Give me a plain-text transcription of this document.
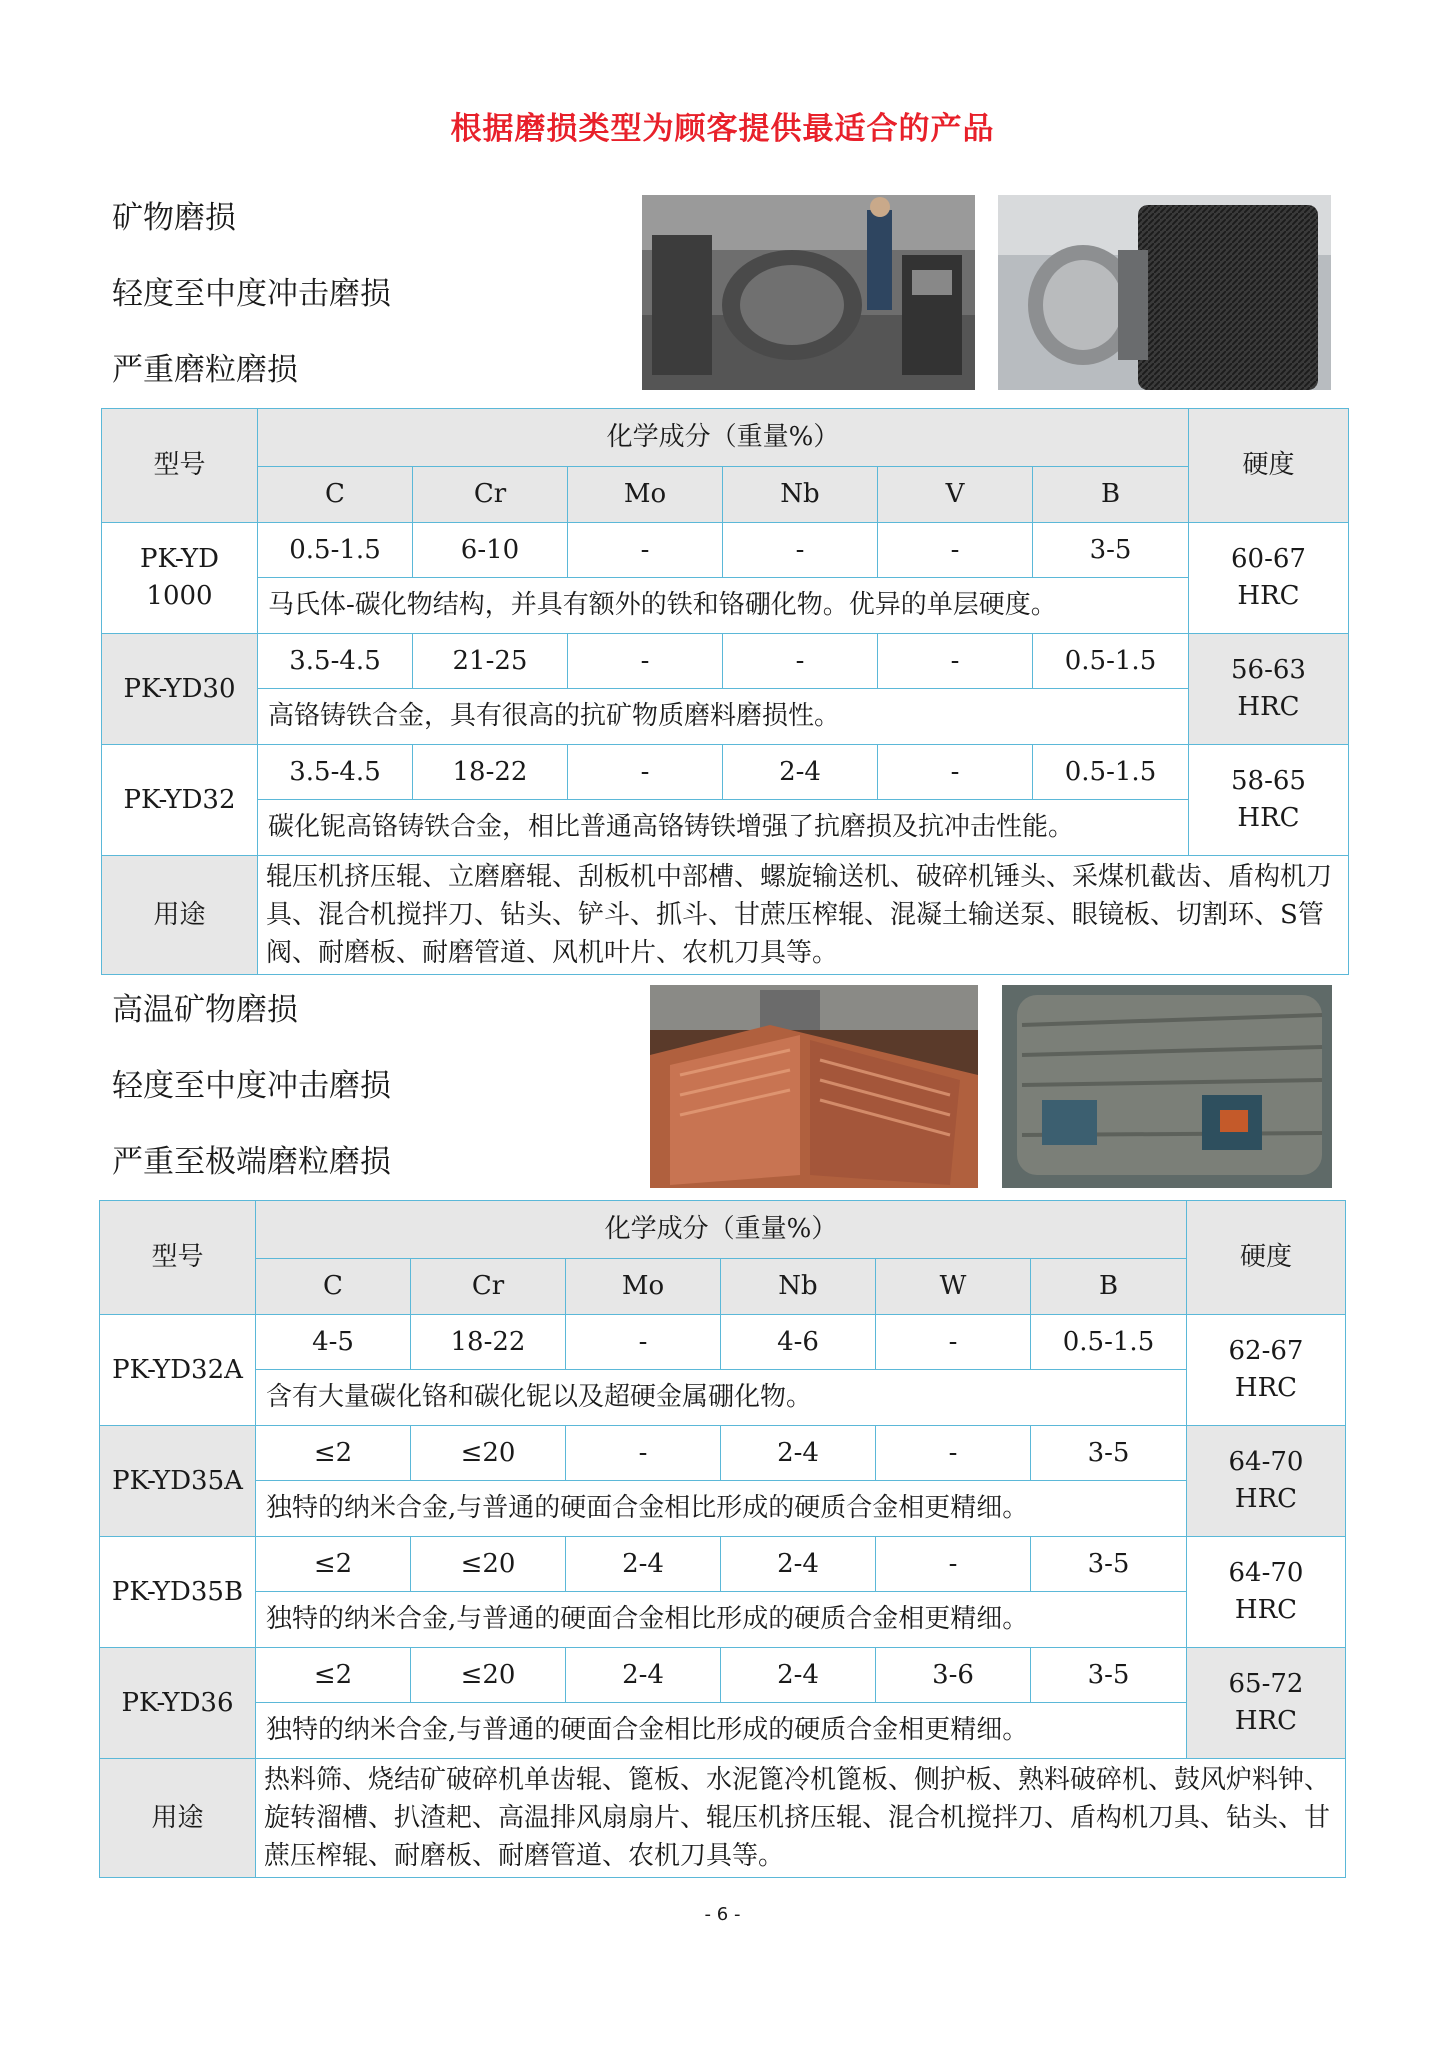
根据磨损类型为顾客提供最适合的产品
矿物磨损
轻度至中度冲击磨损
严重磨粒磨损
型号	化学成分（重量%）						硬度
	C	Cr	Mo	Nb	V	B	
PK-YD 1000	0.5-1.5	6-10	-	-	-	3-5	60-67 HRC
	马氏体-碳化物结构，并具有额外的铁和铬硼化物。优异的单层硬度。						
PK-YD30	3.5-4.5	21-25	-	-	-	0.5-1.5	56-63 HRC
	高铬铸铁合金，具有很高的抗矿物质磨料磨损性。						
PK-YD32	3.5-4.5	18-22	-	2-4	-	0.5-1.5	58-65 HRC
	碳化铌高铬铸铁合金，相比普通高铬铸铁增强了抗磨损及抗冲击性能。						
用途	辊压机挤压辊、立磨磨辊、刮板机中部槽、螺旋输送机、破碎机锤头、采煤机截齿、盾构机刀具、混合机搅拌刀、钻头、铲斗、抓斗、甘蔗压榨辊、混凝土输送泵、眼镜板、切割环、S管阀、耐磨板、耐磨管道、风机叶片、农机刀具等。						
高温矿物磨损
轻度至中度冲击磨损
严重至极端磨粒磨损
型号	化学成分（重量%）						硬度
	C	Cr	Mo	Nb	W	B	
PK-YD32A	4-5	18-22	-	4-6	-	0.5-1.5	62-67 HRC
	含有大量碳化铬和碳化铌以及超硬金属硼化物。						
PK-YD35A	≤2	≤20	-	2-4	-	3-5	64-70 HRC
	独特的纳米合金,与普通的硬面合金相比形成的硬质合金相更精细。						
PK-YD35B	≤2	≤20	2-4	2-4	-	3-5	64-70 HRC
	独特的纳米合金,与普通的硬面合金相比形成的硬质合金相更精细。						
PK-YD36	≤2	≤20	2-4	2-4	3-6	3-5	65-72 HRC
	独特的纳米合金,与普通的硬面合金相比形成的硬质合金相更精细。						
用途	热料筛、烧结矿破碎机单齿辊、篦板、水泥篦冷机篦板、侧护板、熟料破碎机、鼓风炉料钟、旋转溜槽、扒渣耙、高温排风扇扇片、辊压机挤压辊、混合机搅拌刀、盾构机刀具、钻头、甘蔗压榨辊、耐磨板、耐磨管道、农机刀具等。						
- 6 -
